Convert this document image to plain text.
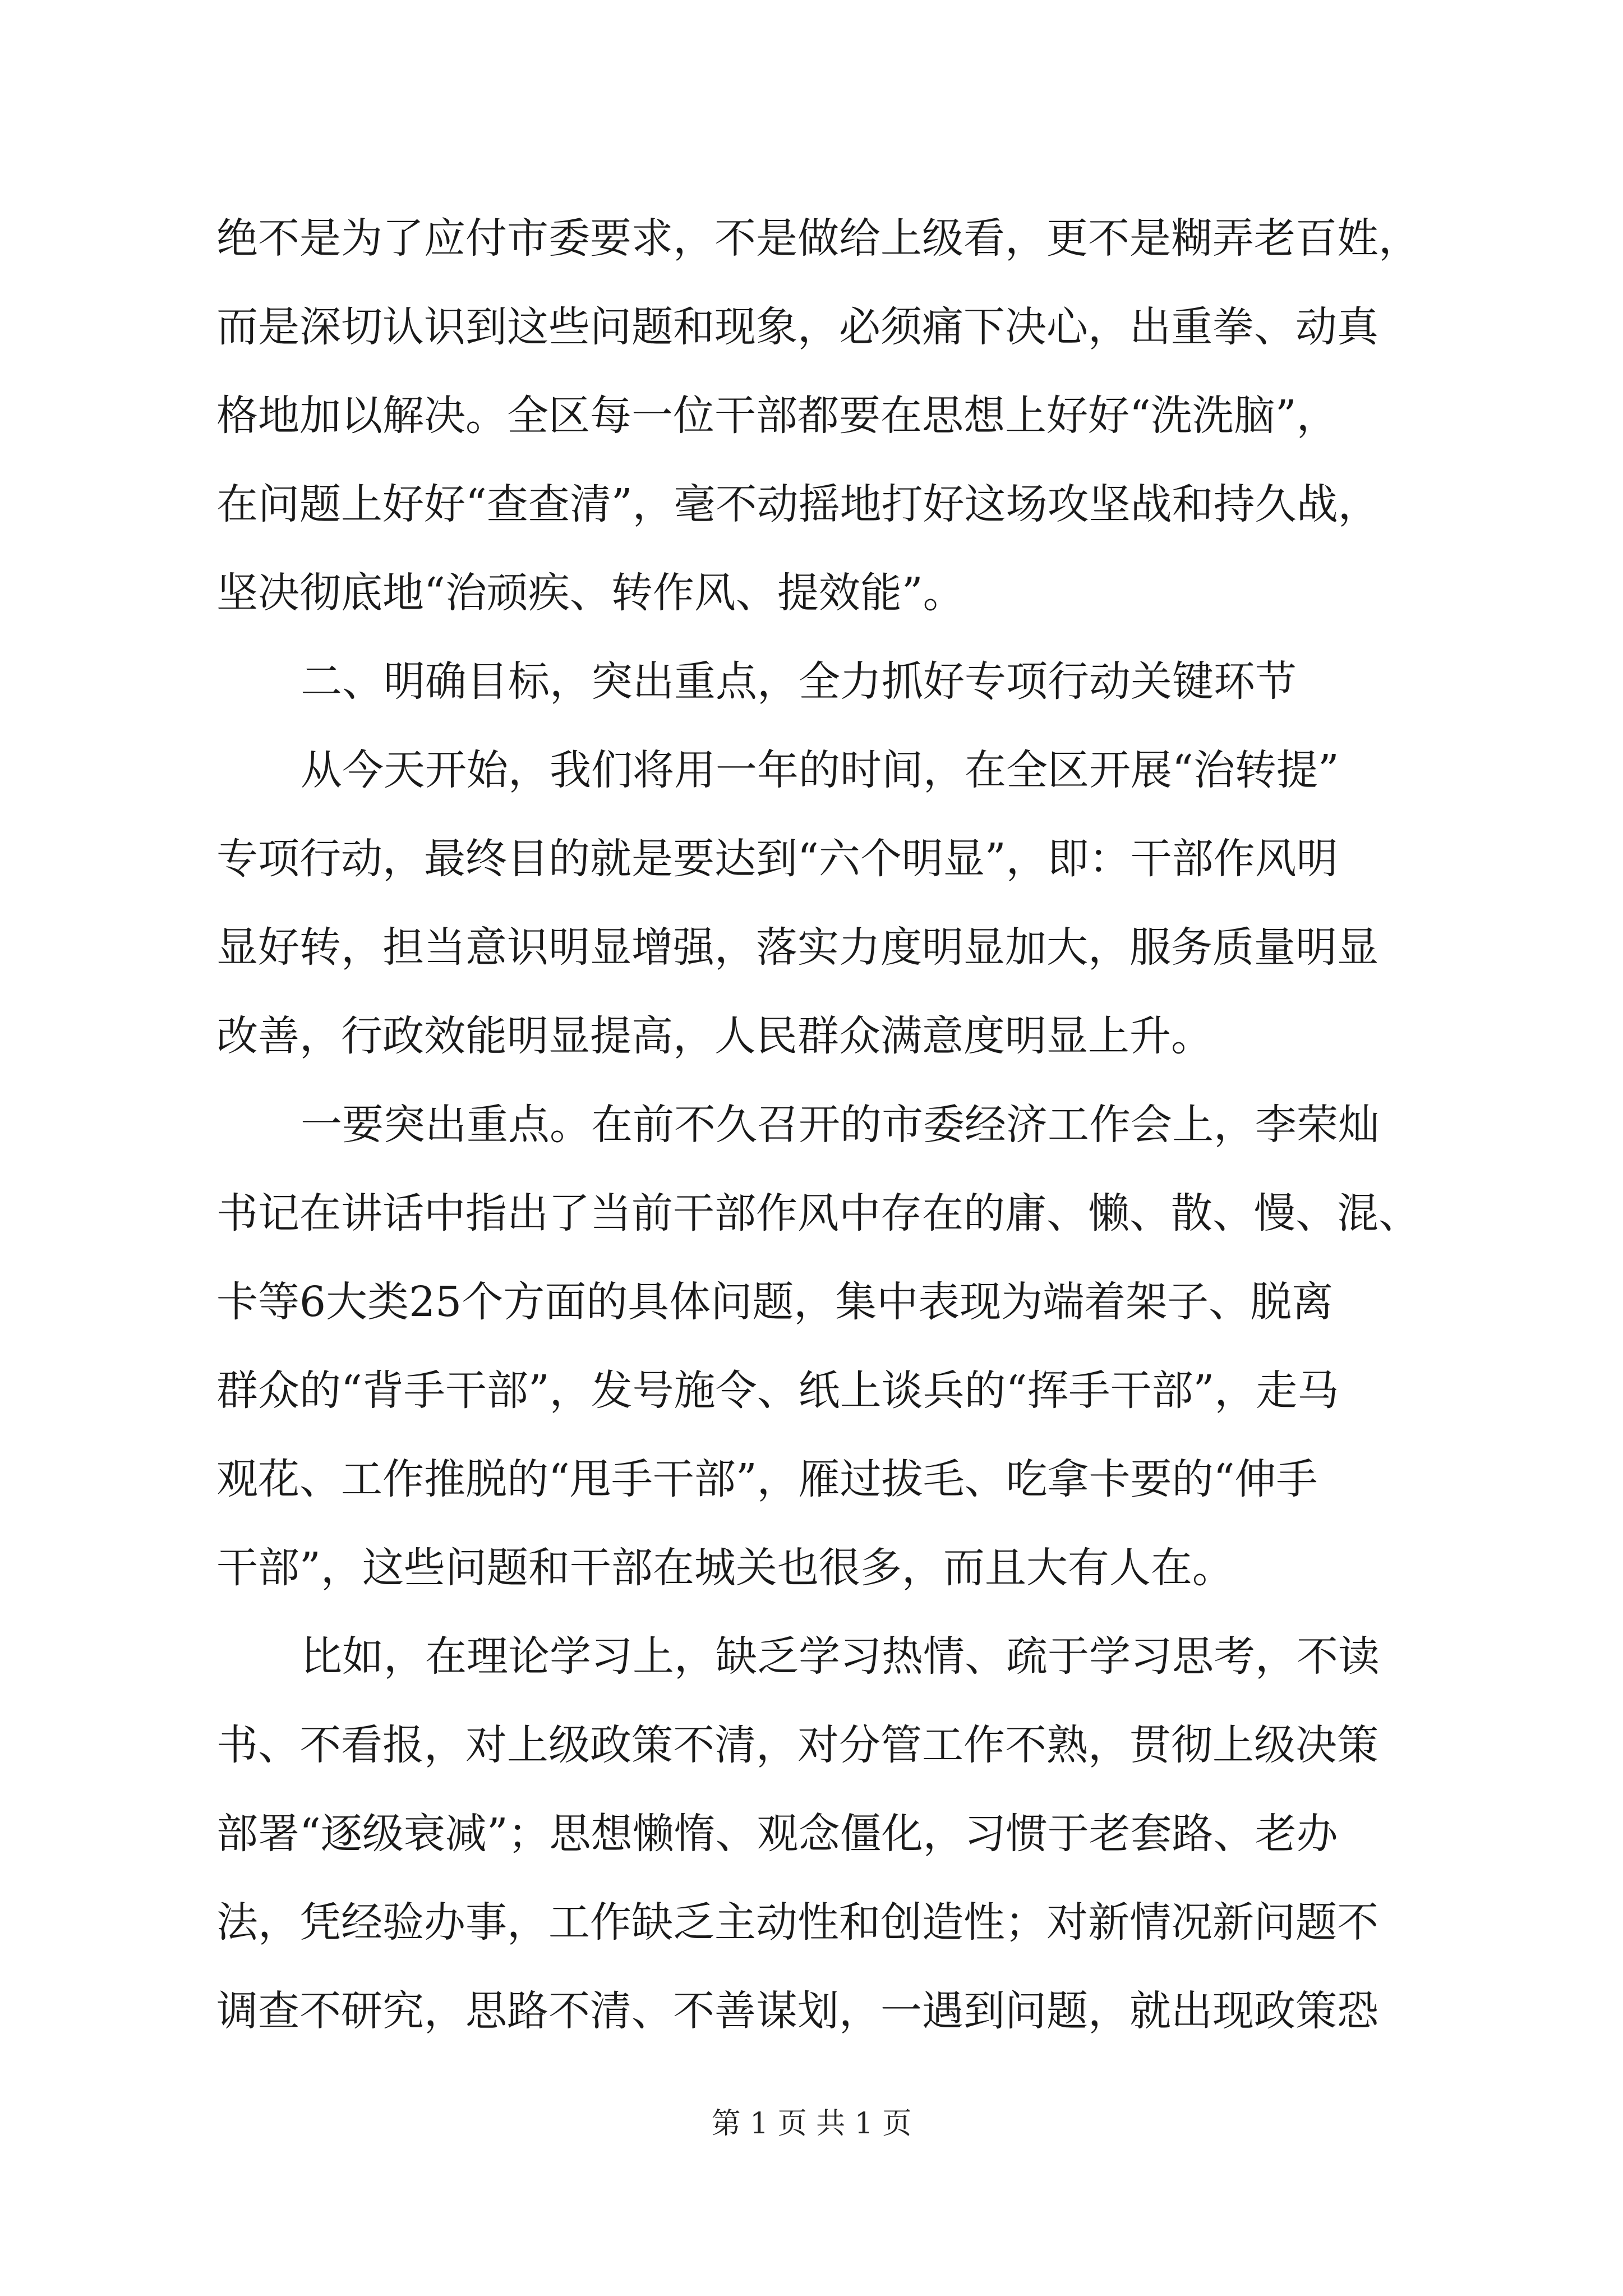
绝不是为了应付市委要求，不是做给上级看，更不是糊弄老百姓，

而是深切认识到这些问题和现象，必须痛下决心，出重拳、动真

格地加以解决。全区每一位干部都要在思想上好好“洗洗脑”，

在问题上好好“查查清”，毫不动摇地打好这场攻坚战和持久战，

坚决彻底地“治顽疾、转作风、提效能”。

二、明确目标，突出重点，全力抓好专项行动关键环节

从今天开始，我们将用一年的时间，在全区开展“治转提”

专项行动，最终目的就是要达到“六个明显”，即：干部作风明

显好转，担当意识明显增强，落实力度明显加大，服务质量明显

改善，行政效能明显提高，人民群众满意度明显上升。

一要突出重点。在前不久召开的市委经济工作会上，李荣灿

书记在讲话中指出了当前干部作风中存在的庸、懒、散、慢、混、

卡等6大类25个方面的具体问题，集中表现为端着架子、脱离

群众的“背手干部”，发号施令、纸上谈兵的“挥手干部”，走马

观花、工作推脱的“甩手干部”，雁过拔毛、吃拿卡要的“伸手

干部”，这些问题和干部在城关也很多，而且大有人在。

比如，在理论学习上，缺乏学习热情、疏于学习思考，不读

书、不看报，对上级政策不清，对分管工作不熟，贯彻上级决策

部署“逐级衰减”；思想懒惰、观念僵化，习惯于老套路、老办

法，凭经验办事，工作缺乏主动性和创造性；对新情况新问题不

调查不研究，思路不清、不善谋划，一遇到问题，就出现政策恐

第 1 页 共 1 页
